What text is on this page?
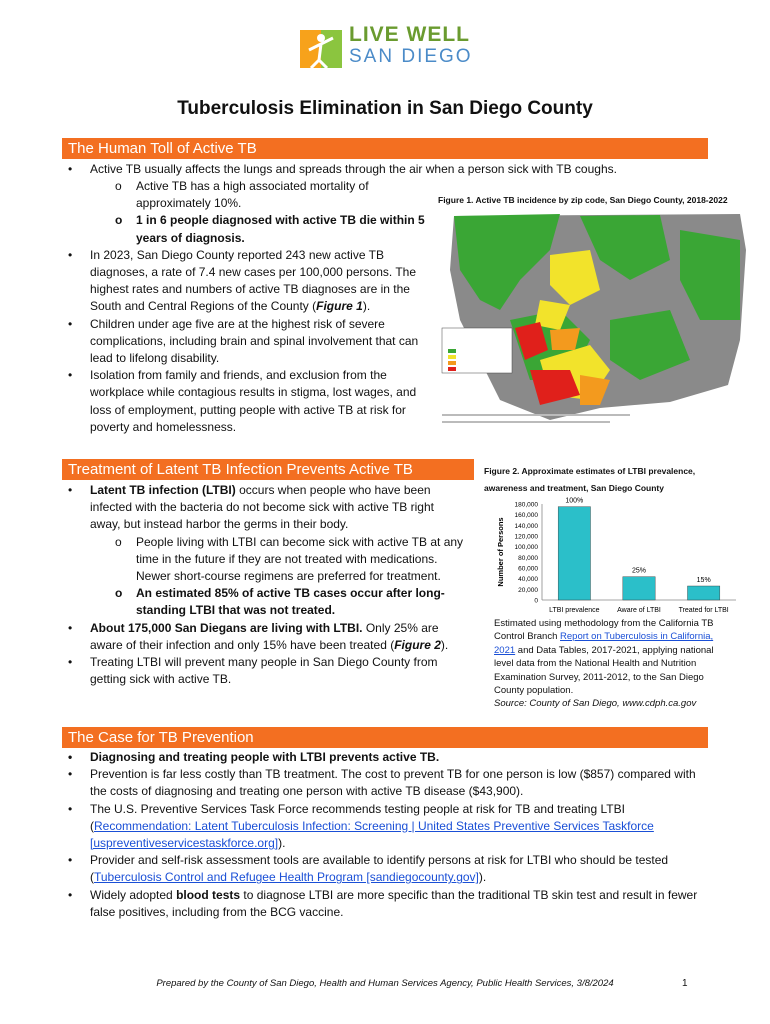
LIVE WELL
SAN DIEGO
Tuberculosis Elimination in San Diego County
The Human Toll of Active TB

• Active TB usually affects the lungs and spreads through the air when a person sick with TB coughs.

o Active TB has a high associated mortality of approximately 10%.

o 1 in 6 people diagnosed with active TB die within 5 years of diagnosis.

• In 2023, San Diego County reported 243 new active TB diagnoses, a rate of 7.4 new cases per 100,000 persons. The highest rates and numbers of active TB diagnoses are in the South and Central Regions of the County (Figure 1).

• Children under age five are at the highest risk of severe complications, including brain and spinal involvement that can lead to lifelong disability.

• Isolation from family and friends, and exclusion from the workplace while contagious results in stigma, lost wages, and loss of employment, putting people with active TB at risk for poverty and homelessness.

Figure 1. Active TB incidence by zip code, San Diego County, 2018-2022
Treatment of Latent TB Infection Prevents Active TB

• Latent TB infection (LTBI) occurs when people who have been infected with the bacteria do not become sick with active TB right away, but instead harbor the germs in their body.

o People living with LTBI can become sick with active TB at any time in the future if they are not treated with medications. Newer short-course regimens are preferred for treatment.

o An estimated 85% of active TB cases occur after long-standing LTBI that was not treated.

• About 175,000 San Diegans are living with LTBI. Only 25% are aware of their infection and only 15% have been treated (Figure 2).

• Treating LTBI will prevent many people in San Diego County from getting sick with active TB.

Figure 2. Approximate estimates of LTBI prevalence, awareness and treatment, San Diego County
Number of Persons
180,000
160,000
140,000
120,000
100,000
80,000
60,000
40,000
20,000
0
100%
LTBI prevalence
25%
Aware of LTBI
15%
Treated for LTBI
Estimated using methodology from the California TB Control Branch Report on Tuberculosis in California, 2021 and Data Tables, 2017-2021, applying national level data from the National Health and Nutrition Examination Survey, 2011-2012, to the San Diego County population.
Source: County of San Diego, www.cdph.ca.gov
The Case for TB Prevention

• Diagnosing and treating people with LTBI prevents active TB.

• Prevention is far less costly than TB treatment. The cost to prevent TB for one person is low ($857) compared with the costs of diagnosing and treating one person with active TB disease ($43,900).

• The U.S. Preventive Services Task Force recommends testing people at risk for TB and treating LTBI (Recommendation: Latent Tuberculosis Infection: Screening | United States Preventive Services Taskforce [uspreventiveservicestaskforce.org]).

• Provider and self-risk assessment tools are available to identify persons at risk for LTBI who should be tested (Tuberculosis Control and Refugee Health Program [sandiegocounty.gov]).

• Widely adopted blood tests to diagnose LTBI are more specific than the traditional TB skin test and result in fewer false positives, including from the BCG vaccine.

Prepared by the County of San Diego, Health and Human Services Agency, Public Health Services, 3/8/2024	1
